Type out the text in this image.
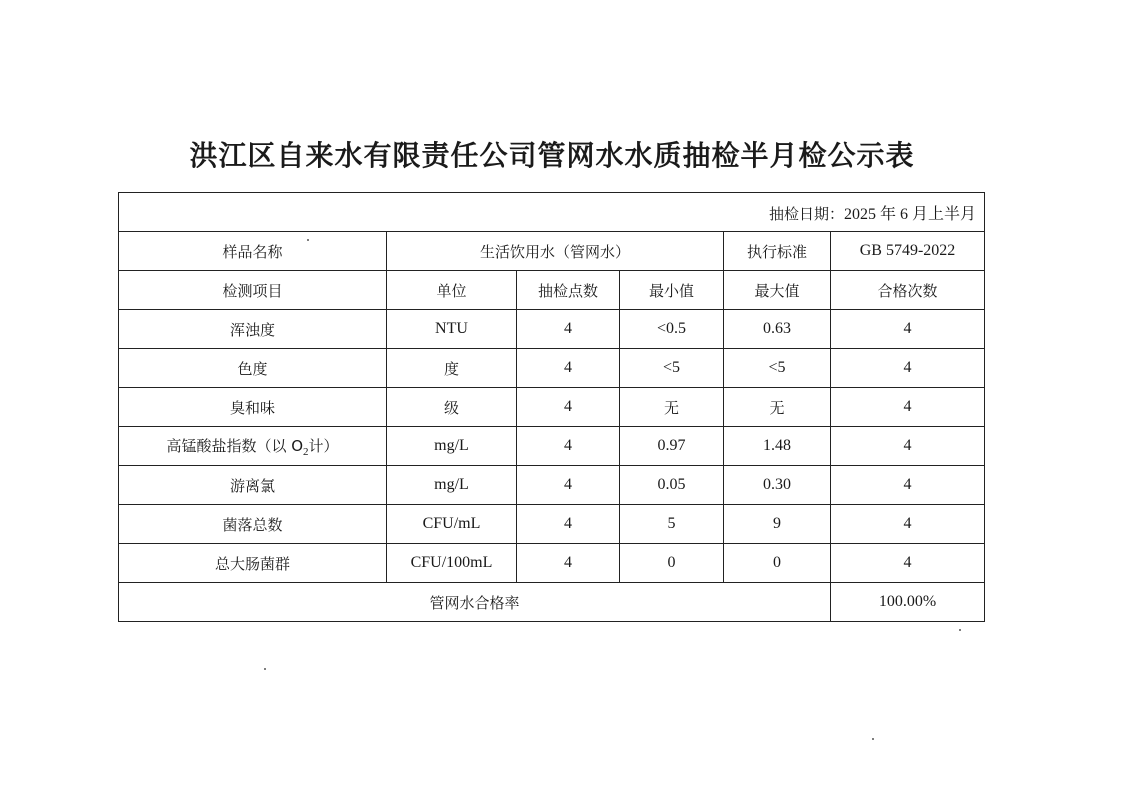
洪江区自来水有限责任公司管网水水质抽检半月检公示表
抽检日期：2025 年 6 月上半月					
样品名称	生活饮用水（管网水）			执行标准	GB 5749-2022
检测项目	单位	抽检点数	最小值	最大值	合格次数
浑浊度	NTU	4	<0.5	0.63	4
色度	度	4	<5	<5	4
臭和味	级	4	无	无	4
高锰酸盐指数（以 $O_2$计）	mg/L	4	0.97	1.48	4
游离氯	mg/L	4	0.05	0.30	4
菌落总数	CFU/mL	4	5	9	4
总大肠菌群	CFU/100mL	4	0	0	4
管网水合格率					100.00%
